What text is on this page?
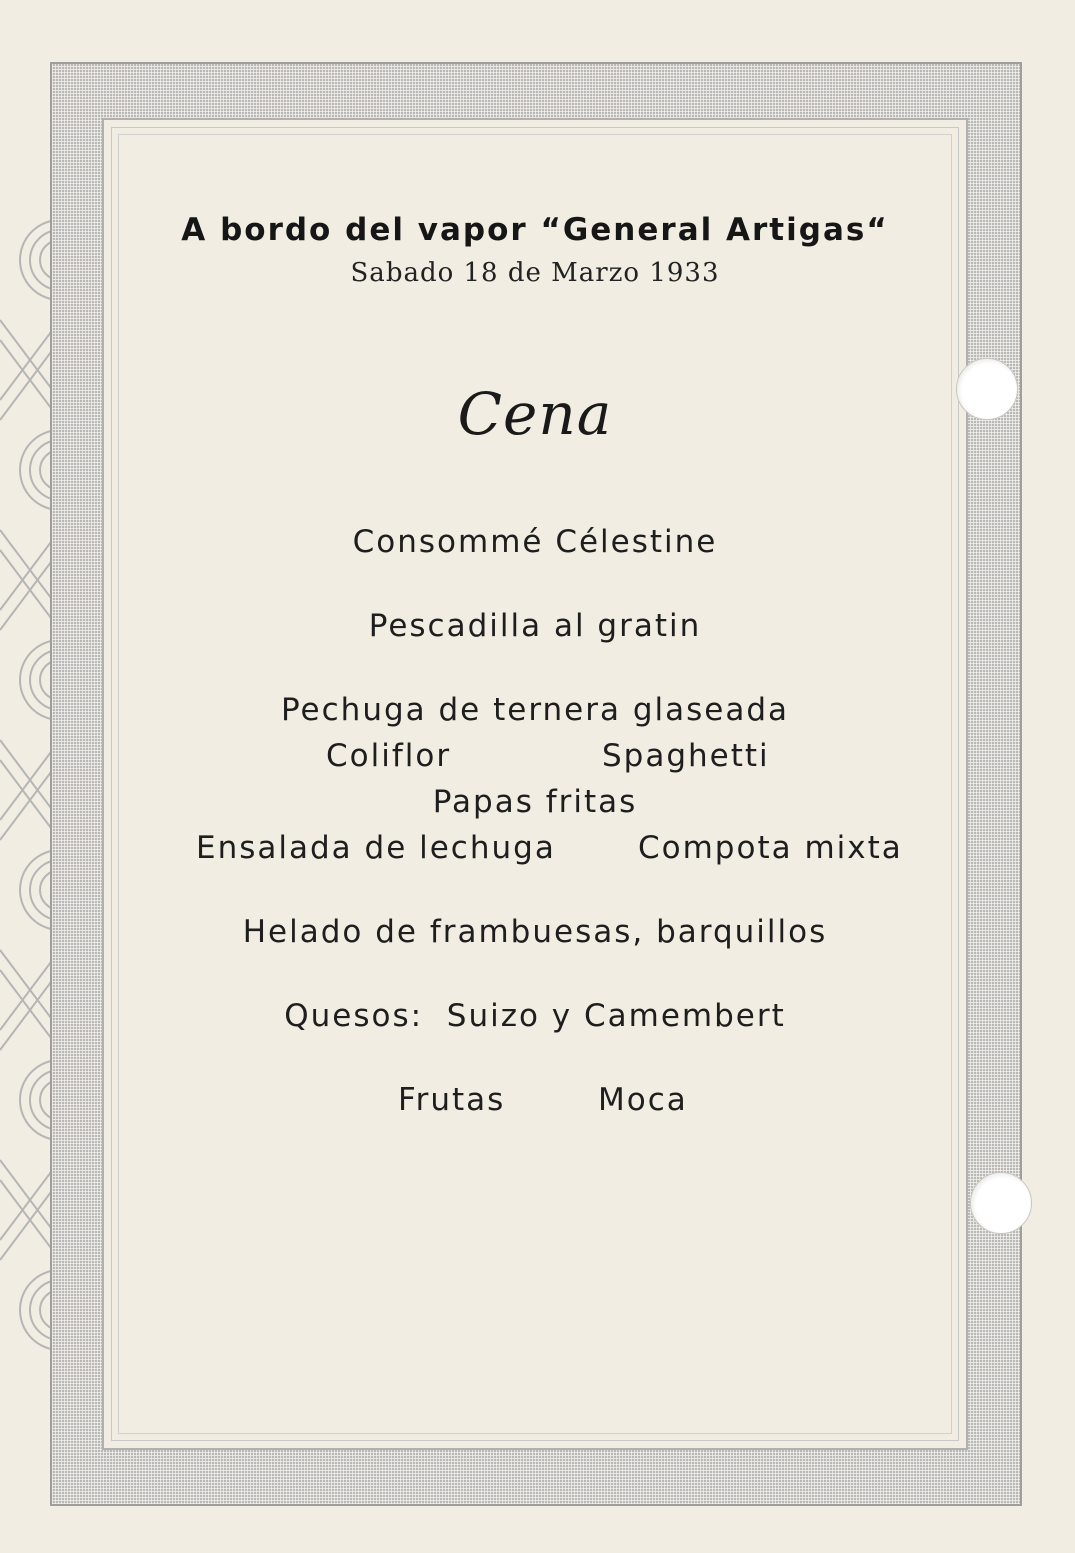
A bordo del vapor “General Artigas“
Sabado 18 de Marzo 1933
Cena
Consommé Célestine
Pescadilla al gratin
Pechuga de ternera glaseada
Coliflor	Spaghetti
Papas fritas
Ensalada de lechuga	Compota mixta
Helado de frambuesas, barquillos
Quesos:  Suizo y Camembert
Frutas	Moca
